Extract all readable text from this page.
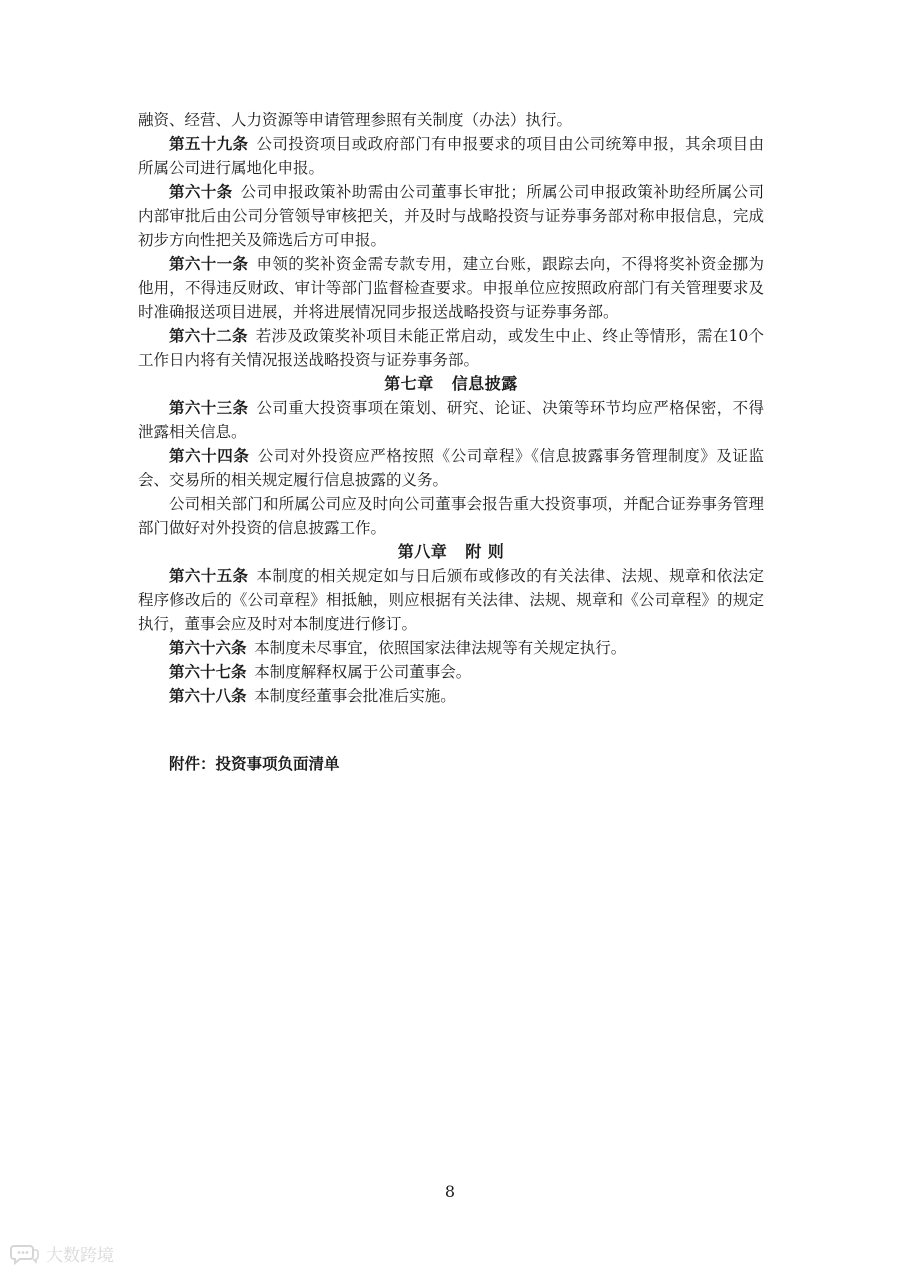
融资、经营、人力资源等申请管理参照有关制度（办法）执行。

第五十九条  公司投资项目或政府部门有申报要求的项目由公司统筹申报，其余项目由所属公司进行属地化申报。

第六十条  公司申报政策补助需由公司董事长审批；所属公司申报政策补助经所属公司内部审批后由公司分管领导审核把关，并及时与战略投资与证券事务部对称申报信息，完成初步方向性把关及筛选后方可申报。

第六十一条  申领的奖补资金需专款专用，建立台账，跟踪去向，不得将奖补资金挪为他用，不得违反财政、审计等部门监督检查要求。申报单位应按照政府部门有关管理要求及时准确报送项目进展，并将进展情况同步报送战略投资与证券事务部。

第六十二条  若涉及政策奖补项目未能正常启动，或发生中止、终止等情形，需在10个工作日内将有关情况报送战略投资与证券事务部。

第七章 信息披露

第六十三条  公司重大投资事项在策划、研究、论证、决策等环节均应严格保密，不得泄露相关信息。

第六十四条  公司对外投资应严格按照《公司章程》《信息披露事务管理制度》及证监会、交易所的相关规定履行信息披露的义务。

公司相关部门和所属公司应及时向公司董事会报告重大投资事项，并配合证券事务管理部门做好对外投资的信息披露工作。

第八章 附 则

第六十五条  本制度的相关规定如与日后颁布或修改的有关法律、法规、规章和依法定程序修改后的《公司章程》相抵触，则应根据有关法律、法规、规章和《公司章程》的规定执行，董事会应及时对本制度进行修订。

第六十六条  本制度未尽事宜，依照国家法律法规等有关规定执行。

第六十七条  本制度解释权属于公司董事会。

第六十八条  本制度经董事会批准后实施。

附件：投资事项负面清单

8
大数跨境
